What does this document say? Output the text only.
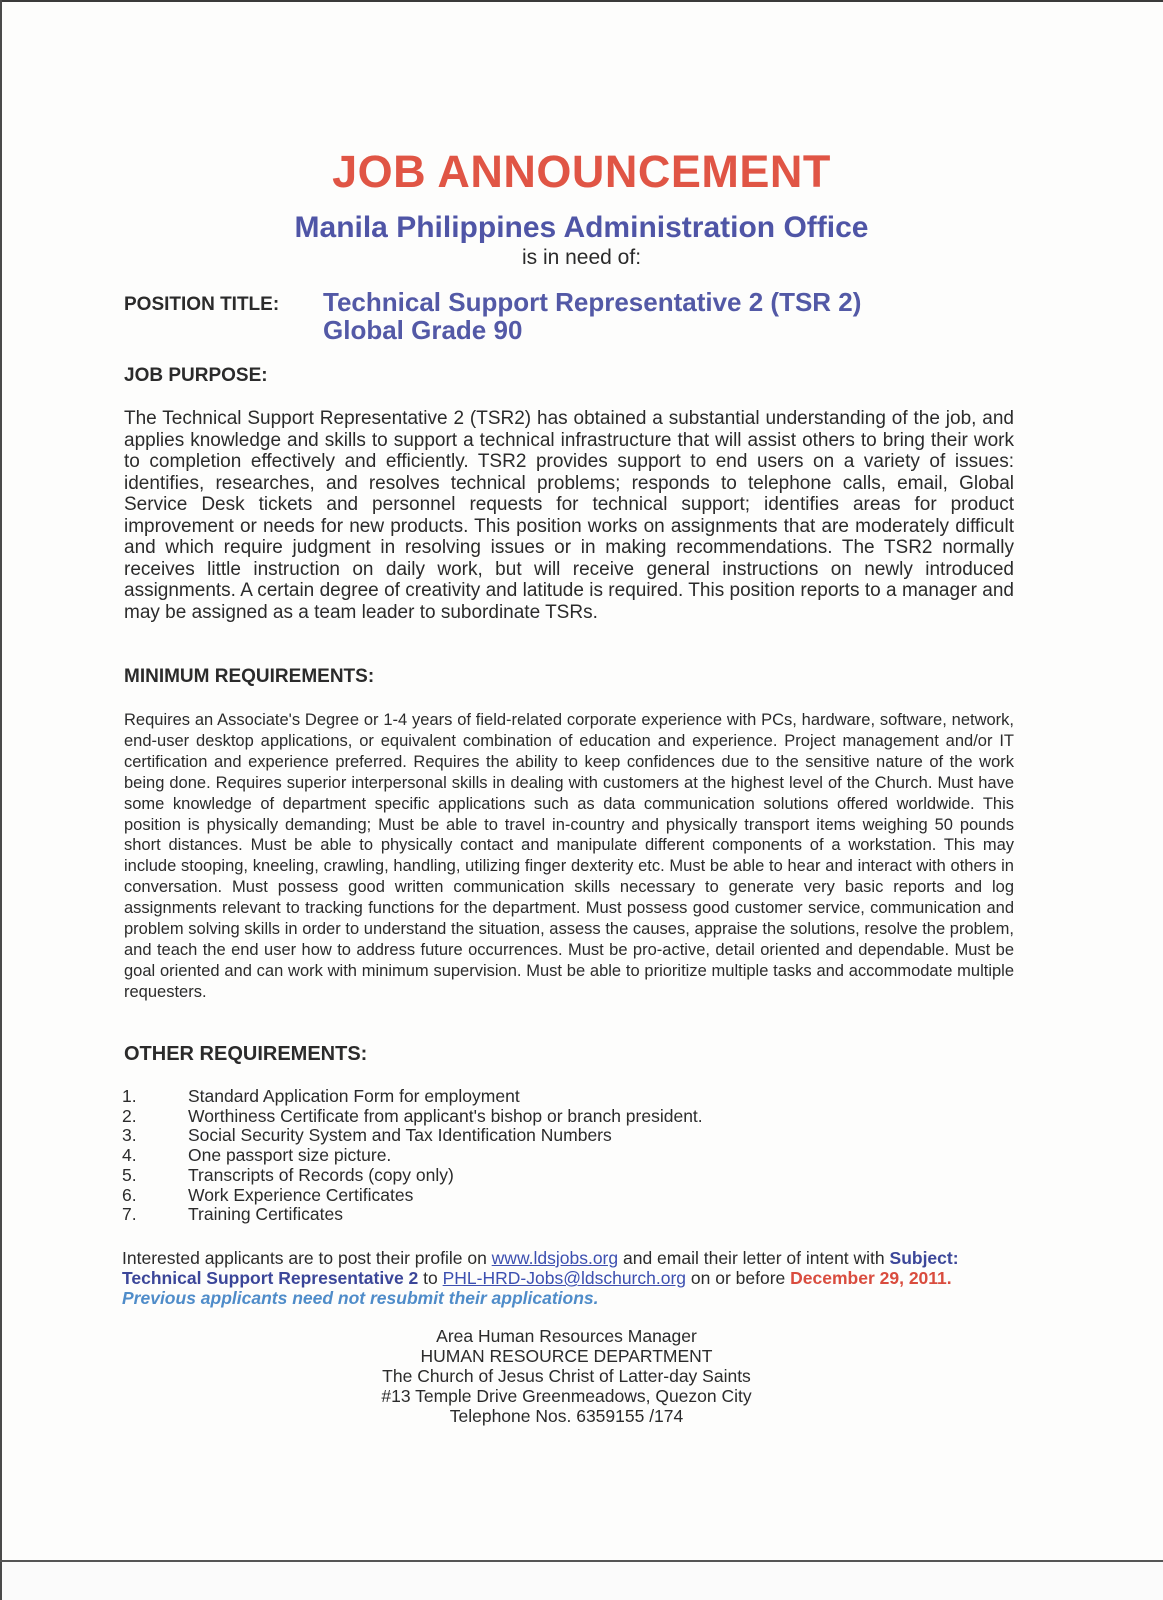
JOB ANNOUNCEMENT
Manila Philippines Administration Office
is in need of:
POSITION TITLE: Technical Support Representative 2 (TSR 2)
Global Grade 90
JOB PURPOSE:
The Technical Support Representative 2 (TSR2) has obtained a substantial understanding of the job, and applies knowledge and skills to support a technical infrastructure that will assist others to bring their work to completion effectively and efficiently. TSR2 provides support to end users on a variety of issues: identifies, researches, and resolves technical problems; responds to telephone calls, email, Global Service Desk tickets and personnel requests for technical support; identifies areas for product improvement or needs for new products. This position works on assignments that are moderately difficult and which require judgment in resolving issues or in making recommendations. The TSR2 normally receives little instruction on daily work, but will receive general instructions on newly introduced assignments. A certain degree of creativity and latitude is required. This position reports to a manager and may be assigned as a team leader to subordinate TSRs.
MINIMUM REQUIREMENTS:
Requires an Associate's Degree or 1-4 years of field-related corporate experience with PCs, hardware, software, network, end-user desktop applications, or equivalent combination of education and experience. Project management and/or IT certification and experience preferred. Requires the ability to keep confidences due to the sensitive nature of the work being done. Requires superior interpersonal skills in dealing with customers at the highest level of the Church. Must have some knowledge of department specific applications such as data communication solutions offered worldwide. This position is physically demanding; Must be able to travel in-country and physically transport items weighing 50 pounds short distances. Must be able to physically contact and manipulate different components of a workstation. This may include stooping, kneeling, crawling, handling, utilizing finger dexterity etc. Must be able to hear and interact with others in conversation. Must possess good written communication skills necessary to generate very basic reports and log assignments relevant to tracking functions for the department. Must possess good customer service, communication and problem solving skills in order to understand the situation, assess the causes, appraise the solutions, resolve the problem, and teach the end user how to address future occurrences. Must be pro-active, detail oriented and dependable. Must be goal oriented and can work with minimum supervision. Must be able to prioritize multiple tasks and accommodate multiple requesters.
OTHER REQUIREMENTS:
1.	Standard Application Form for employment
2.	Worthiness Certificate from applicant's bishop or branch president.
3.	Social Security System and Tax Identification Numbers
4.	One passport size picture.
5.	Transcripts of Records (copy only)
6.	Work Experience Certificates
7.	Training Certificates
Interested applicants are to post their profile on www.ldsjobs.org and email their letter of intent with Subject: Technical Support Representative 2 to PHL-HRD-Jobs@ldschurch.org on or before December 29, 2011.
Previous applicants need not resubmit their applications.
Area Human Resources Manager
HUMAN RESOURCE DEPARTMENT
The Church of Jesus Christ of Latter-day Saints
#13 Temple Drive Greenmeadows, Quezon City
Telephone Nos. 6359155 /174
